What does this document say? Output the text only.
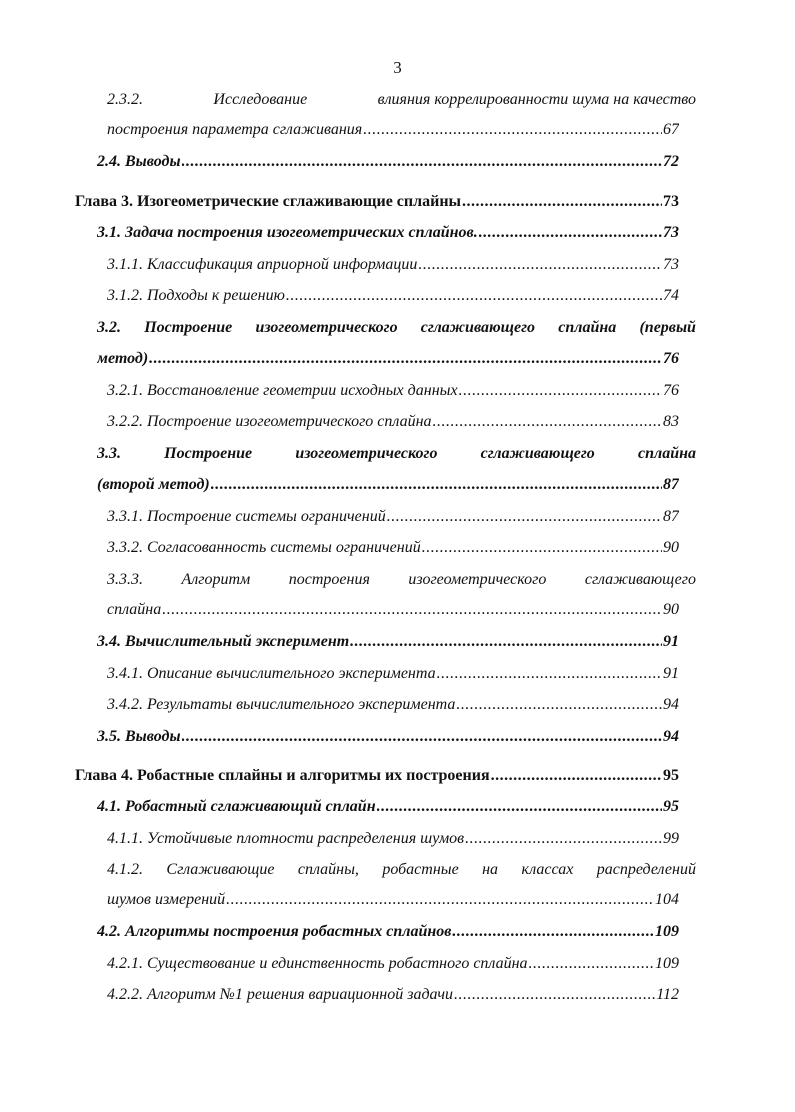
3
2.3.2.	Исследование	влияния коррелированности шума на качество
построения параметра сглаживания .....	67
2.4. Выводы .....	72
Глава 3. Изогеометрические сглаживающие сплайны .....	73
3.1. Задача построения изогеометрических сплайнов. .....	73
3.1.1. Классификация априорной информации .....	73
3.1.2. Подходы к решению .....	74
3.2. Построение изогеометрического сглаживающего сплайна (первый
метод) .....	76
3.2.1. Восстановление геометрии исходных данных .....	76
3.2.2. Построение изогеометрического сплайна .....	83
3.3.	Построение	изогеометрического	сглаживающего	сплайна
(второй метод) .....	87
3.3.1. Построение системы ограничений .....	87
3.3.2. Согласованность системы ограничений .....	90
3.3.3. Алгоритм построения изогеометрического сглаживающего
сплайна .....	90
3.4. Вычислительный эксперимент .....	91
3.4.1. Описание вычислительного эксперимента .....	91
3.4.2. Результаты вычислительного эксперимента .....	94
3.5. Выводы .....	94
Глава 4. Робастные сплайны и алгоритмы их построения .....	95
4.1. Робастный сглаживающий сплайн .....	95
4.1.1. Устойчивые плотности распределения шумов .....	99
4.1.2. Сглаживающие сплайны, робастные на классах распределений
шумов измерений .....	104
4.2. Алгоритмы построения робастных сплайнов .....	109
4.2.1. Существование и единственность робастного сплайна .....	109
4.2.2. Алгоритм №1 решения вариационной задачи .....	112
